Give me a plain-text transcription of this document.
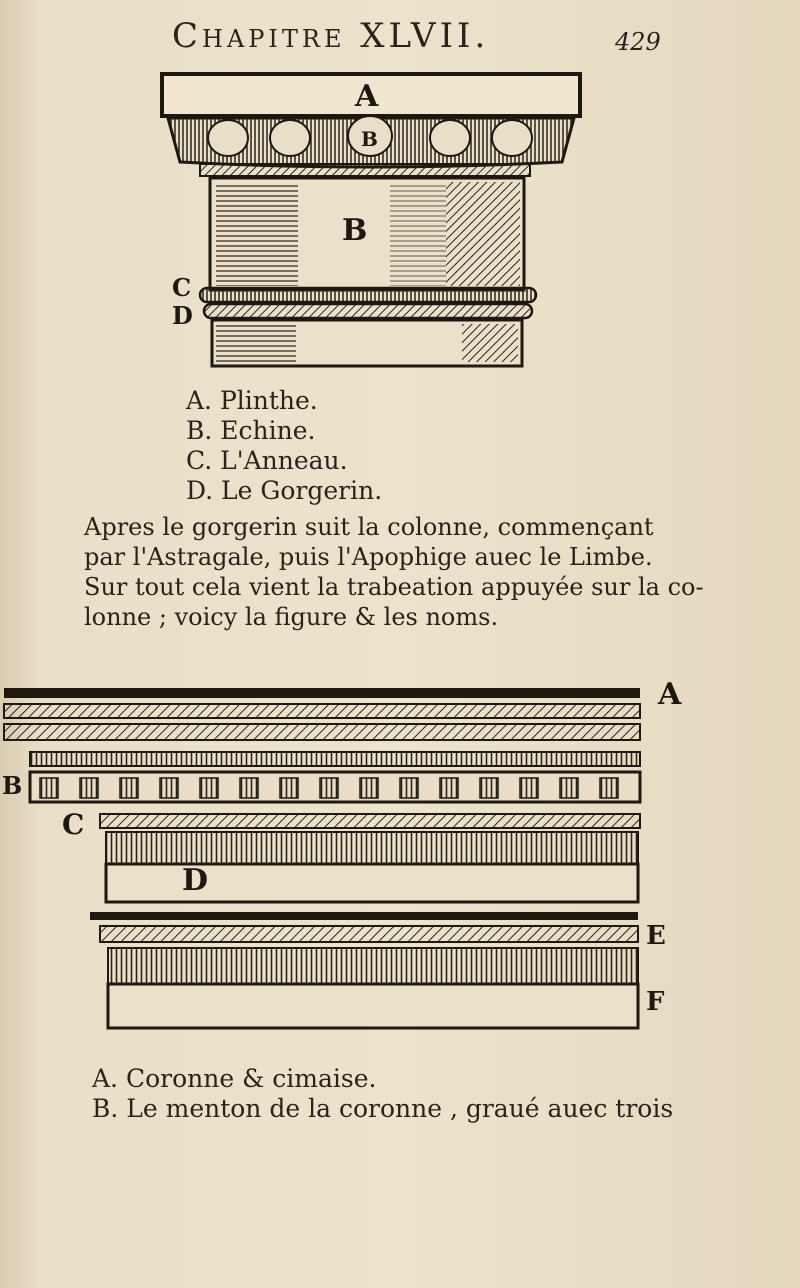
Chapitre XLVII.	429
A
B
B
C
D
A. Plinthe.
B. Echine.
C. L'Anneau.
D. Le Gorgerin.
Apres le gorgerin suit la colonne, commençant
par l'Astragale, puis l'Apophige auec le Limbe.
Sur tout cela vient la trabeation appuyée sur la co-
lonne ; voicy la figure & les noms.
A
B
C
D
E
F
A. Coronne & cimaise.
B. Le menton de la coronne , graué auec trois
